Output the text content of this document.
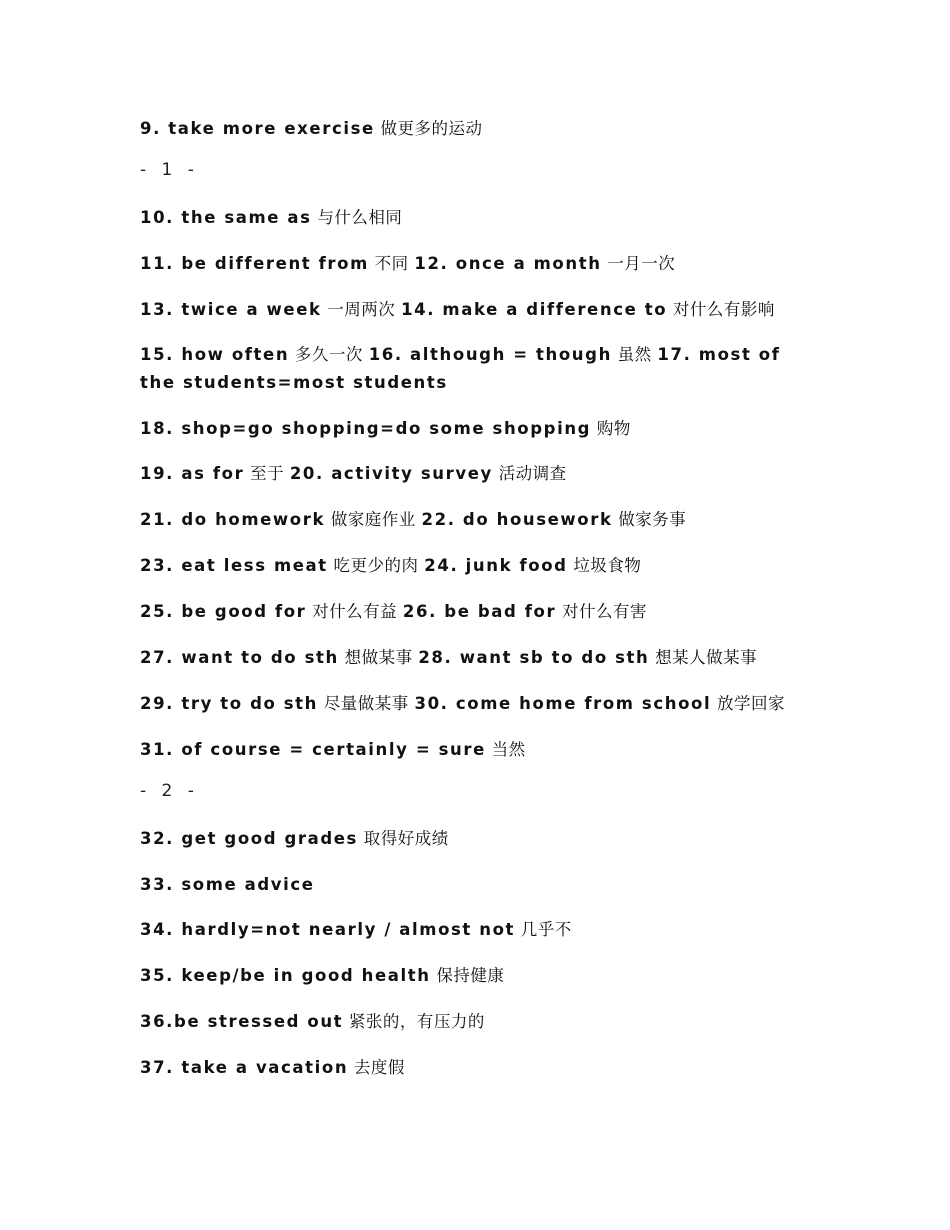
9. take more exercise 做更多的运动
- 1 -
10. the same as 与什么相同
11. be different from 不同 12. once a month 一月一次
13. twice a week 一周两次 14. make a difference to 对什么有影响
15. how often 多久一次 16. although = though 虽然 17. most of the students=most students
18. shop=go shopping=do some shopping 购物
19. as for 至于 20. activity survey 活动调查
21. do homework 做家庭作业 22. do housework 做家务事
23. eat less meat 吃更少的肉 24. junk food 垃圾食物
25. be good for 对什么有益 26. be bad for 对什么有害
27. want to do sth 想做某事 28. want sb to do sth 想某人做某事
29. try to do sth 尽量做某事 30. come home from school 放学回家
31. of course = certainly = sure 当然
- 2 -
32. get good grades 取得好成绩
33. some advice
34. hardly=not nearly / almost not 几乎不
35. keep/be in good health 保持健康
36.be stressed out 紧张的，有压力的
37. take a vacation 去度假
